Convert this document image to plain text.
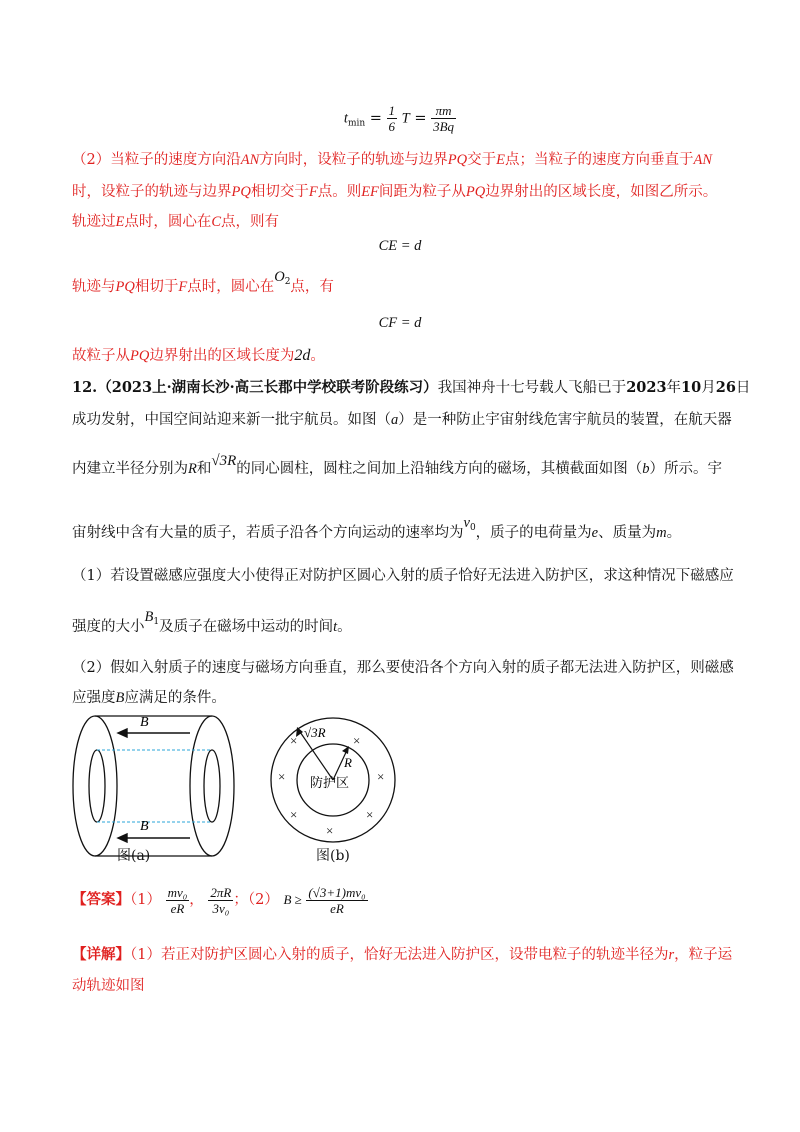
$t_{min} = \frac{1}{6}$ $T = \frac{\pi m}{3Bq}$
（2）当粒子的速度方向沿AN方向时，设粒子的轨迹与边界PQ交于E点；当粒子的速度方向垂直于AN
时，设粒子的轨迹与边界PQ相切交于F点。则EF间距为粒子从PQ边界射出的区域长度，如图乙所示。
轨迹过E点时，圆心在C点，则有
CE = d
轨迹与PQ相切于F点时，圆心在$O^2$点，有
CF = d
故粒子从PQ边界射出的区域长度为2d。
12.（2023上·湖南长沙·高三长郡中学校联考阶段练习）我国神舟十七号载人飞船已于2023年10月26日
成功发射，中国空间站迎来新一批宇航员。如图（a）是一种防止宇宙射线危害宇航员的装置，在航天器
内建立半径分别为R和√3R的同心圆柱，圆柱之间加上沿轴线方向的磁场，其横截面如图（b）所示。宇
宙射线中含有大量的质子，若质子沿各个方向运动的速率均为$v^0$，质子的电荷量为e、质量为m。
（1）若设置磁感应强度大小使得正对防护区圆心入射的质子恰好无法进入防护区，求这种情况下磁感应
强度的大小$B^1$及质子在磁场中运动的时间t。
（2）假如入射质子的速度与磁场方向垂直，那么要使沿各个方向入射的质子都无法进入防护区，则磁感
应强度B应满足的条件。
B
B
图(a)
√3R
R
防护区
×	×
×	×
×	×
×
图(b)
【答案】$(1) \frac{\text{mv₀}}{eR}$ ， $\frac{2\pi R}{\text{3v₀}}$ ；（2） $B \ge \frac{\text{(√3+1)mv₀}}{eR}$
【详解】（1）若正对防护区圆心入射的质子，恰好无法进入防护区，设带电粒子的轨迹半径为r，粒子运
动轨迹如图
